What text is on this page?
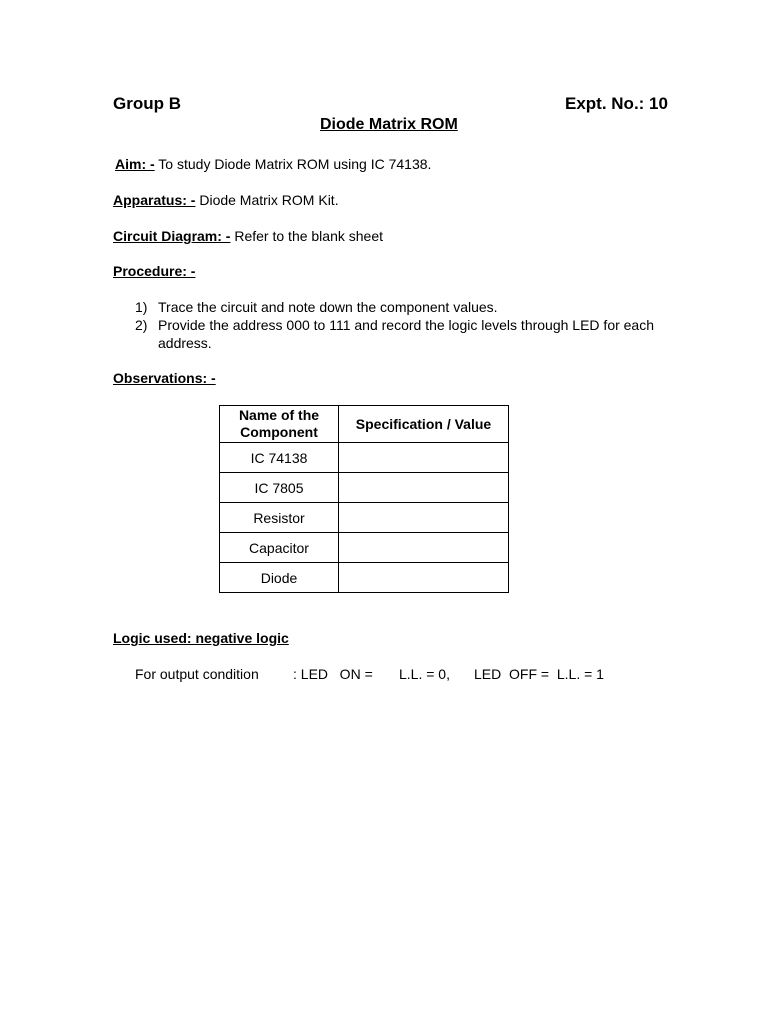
Group B	Expt. No.: 10
Diode Matrix ROM
Aim: - To study Diode Matrix ROM using IC 74138.
Apparatus: - Diode Matrix ROM Kit.
Circuit Diagram: - Refer to the blank sheet
Procedure: -
1) Trace the circuit and note down the component values.
2) Provide the address 000 to 111 and record the logic levels through LED for each address.
Observations: -
Name of the Component	Specification / Value
IC 74138	
IC 7805	
Resistor	
Capacitor	
Diode	
Logic used: negative logic
For output condition : LED   ON = L.L. = 0, LED  OFF =  L.L. = 1
